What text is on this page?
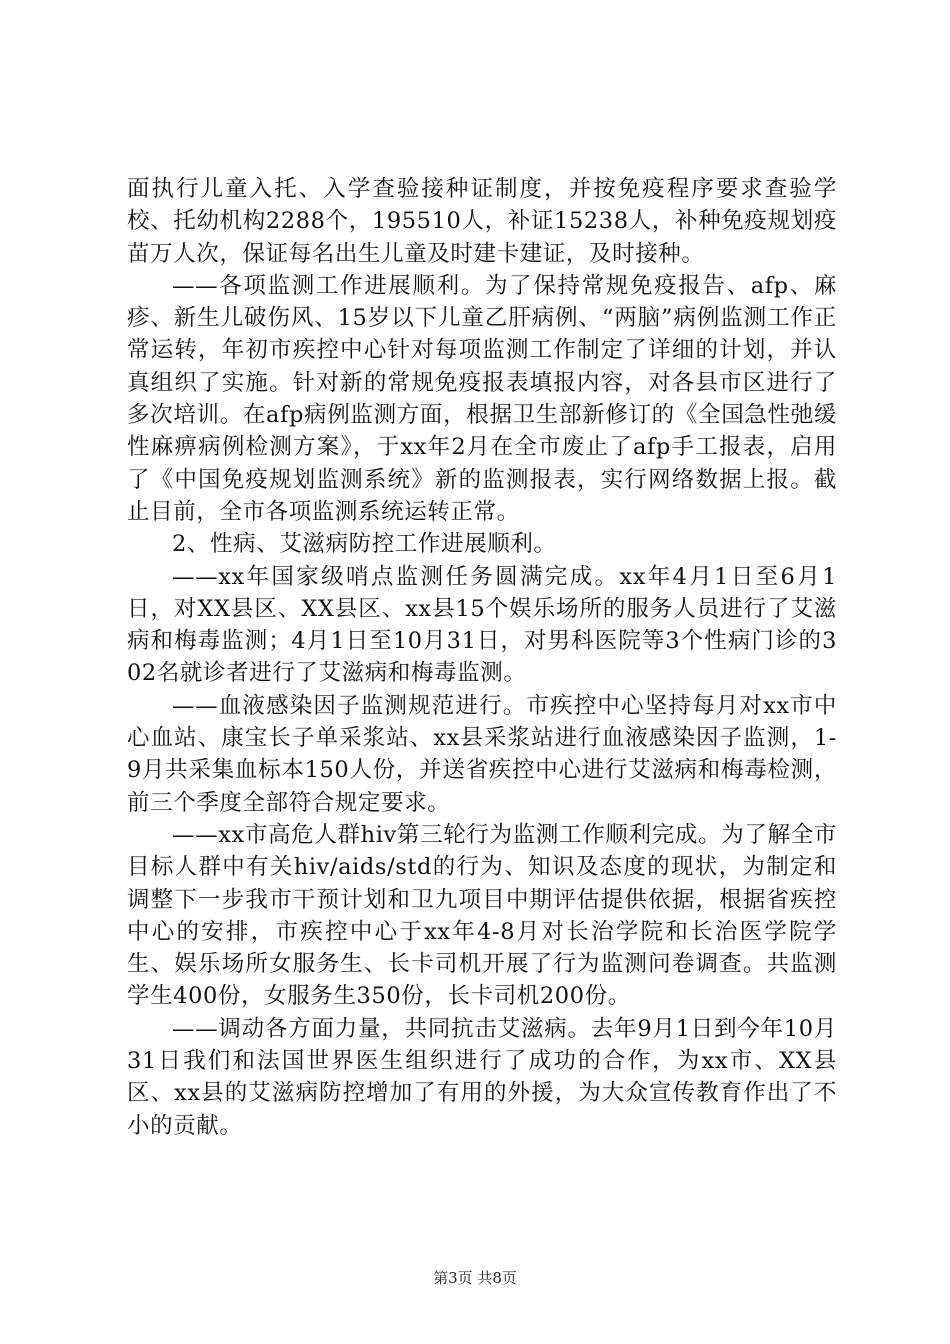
面执行儿童入托、入学查验接种证制度，并按免疫程序要求查验学校、托幼机构2288个，195510人，补证15238人，补种免疫规划疫苗万人次，保证每名出生儿童及时建卡建证，及时接种。

——各项监测工作进展顺利。为了保持常规免疫报告、afp、麻疹、新生儿破伤风、15岁以下儿童乙肝病例、“两脑”病例监测工作正常运转，年初市疾控中心针对每项监测工作制定了详细的计划，并认真组织了实施。针对新的常规免疫报表填报内容，对各县市区进行了多次培训。在afp病例监测方面，根据卫生部新修订的《全国急性弛缓性麻痹病例检测方案》，于xx年2月在全市废止了afp手工报表，启用了《中国免疫规划监测系统》新的监测报表，实行网络数据上报。截止目前，全市各项监测系统运转正常。

2、性病、艾滋病防控工作进展顺利。

——xx年国家级哨点监测任务圆满完成。xx年4月1日至6月1日，对XX县区、XX县区、xx县15个娱乐场所的服务人员进行了艾滋病和梅毒监测；4月1日至10月31日，对男科医院等3个性病门诊的302名就诊者进行了艾滋病和梅毒监测。

——血液感染因子监测规范进行。市疾控中心坚持每月对xx市中心血站、康宝长子单采浆站、xx县采浆站进行血液感染因子监测，1-9月共采集血标本150人份，并送省疾控中心进行艾滋病和梅毒检测，前三个季度全部符合规定要求。

——xx市高危人群hiv第三轮行为监测工作顺利完成。为了解全市目标人群中有关hiv/aids/std的行为、知识及态度的现状，为制定和调整下一步我市干预计划和卫九项目中期评估提供依据，根据省疾控中心的安排，市疾控中心于xx年4-8月对长治学院和长治医学院学生、娱乐场所女服务生、长卡司机开展了行为监测问卷调查。共监测学生400份，女服务生350份，长卡司机200份。

——调动各方面力量，共同抗击艾滋病。去年9月1日到今年10月31日我们和法国世界医生组织进行了成功的合作，为xx市、XX县区、xx县的艾滋病防控增加了有用的外援，为大众宣传教育作出了不小的贡献。

第3页 共8页
